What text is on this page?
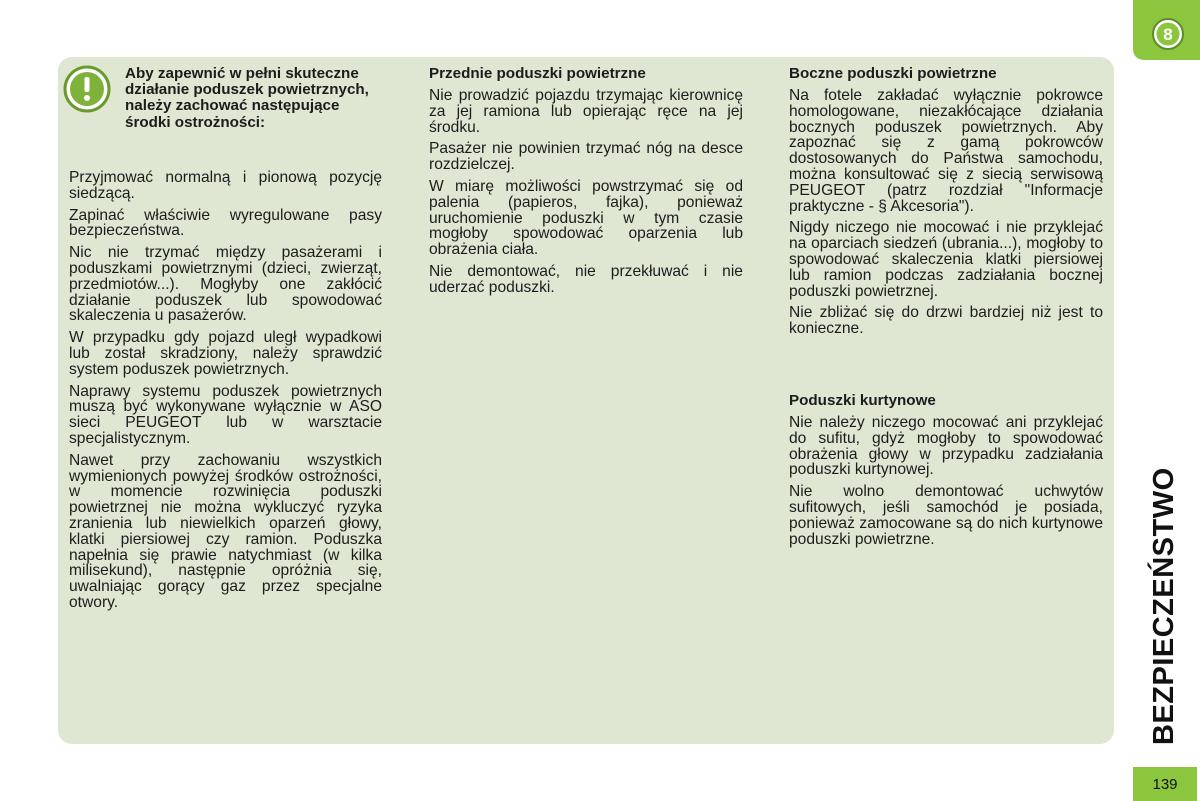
Aby zapewnić w pełni skuteczne działanie poduszek powietrznych, należy zachować następujące środki ostrożności:

Przyjmować normalną i pionową pozycję siedzącą.

Zapinać właściwie wyregulowane pasy bezpieczeństwa.

Nic nie trzymać między pasażerami i poduszkami powietrznymi (dzieci, zwierząt, przedmiotów...). Mogłyby one zakłócić działanie poduszek lub spowodować skaleczenia u pasażerów.

W przypadku gdy pojazd uległ wypadkowi lub został skradziony, należy sprawdzić system poduszek powietrznych.

Naprawy systemu poduszek powietrznych muszą być wykonywane wyłącznie w ASO sieci PEUGEOT lub w warsztacie specjalistycznym.

Nawet przy zachowaniu wszystkich wymienionych powyżej środków ostrożności, w momencie rozwinięcia poduszki powietrznej nie można wykluczyć ryzyka zranienia lub niewielkich oparzeń głowy, klatki piersiowej czy ramion. Poduszka napełnia się prawie natychmiast (w kilka milisekund), następnie opróżnia się, uwalniając gorący gaz przez specjalne otwory.

Przednie poduszki powietrzne

Nie prowadzić pojazdu trzymając kierownicę za jej ramiona lub opierając ręce na jej środku.

Pasażer nie powinien trzymać nóg na desce rozdzielczej.

W miarę możliwości powstrzymać się od palenia (papieros, fajka), ponieważ uruchomienie poduszki w tym czasie mogłoby spowodować oparzenia lub obrażenia ciała.

Nie demontować, nie przekłuwać i nie uderzać poduszki.

Boczne poduszki powietrzne

Na fotele zakładać wyłącznie pokrowce homologowane, niezakłócające działania bocznych poduszek powietrznych. Aby zapoznać się z gamą pokrowców dostosowanych do Państwa samochodu, można konsultować się z siecią serwisową PEUGEOT (patrz rozdział "Informacje praktyczne - § Akcesoria").

Nigdy niczego nie mocować i nie przyklejać na oparciach siedzeń (ubrania...), mogłoby to spowodować skaleczenia klatki piersiowej lub ramion podczas zadziałania bocznej poduszki powietrznej.

Nie zbliżać się do drzwi bardziej niż jest to konieczne.

Poduszki kurtynowe

Nie należy niczego mocować ani przyklejać do sufitu, gdyż mogłoby to spowodować obrażenia głowy w przypadku zadziałania poduszki kurtynowej.

Nie wolno demontować uchwytów sufitowych, jeśli samochód je posiada, ponieważ zamocowane są do nich kurtynowe poduszki powietrzne.

8
BEZPIECZEŃSTWO
139
